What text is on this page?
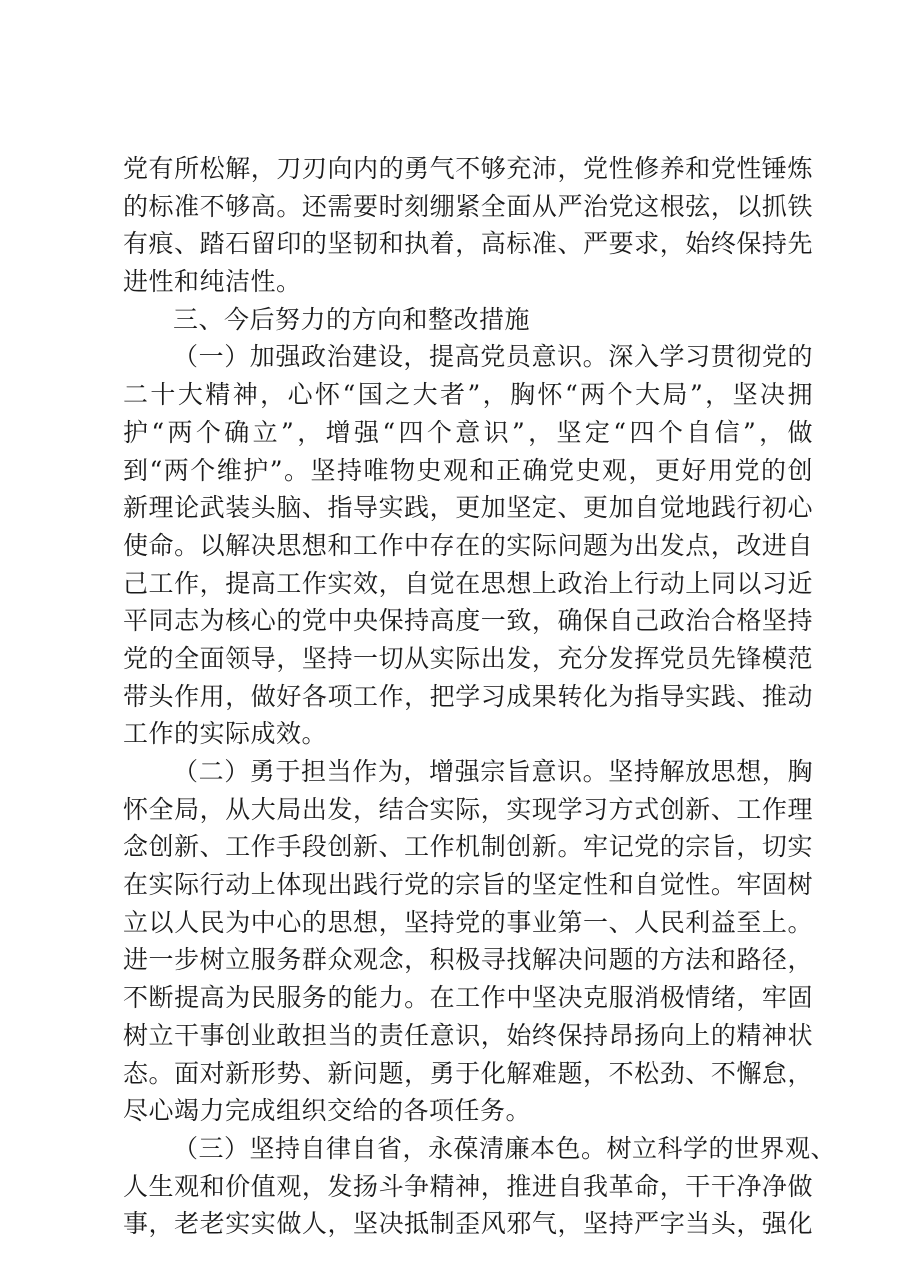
党有所松解，刀刃向内的勇气不够充沛，党性修养和党性锤炼
的标准不够高。还需要时刻绷紧全面从严治党这根弦，以抓铁
有痕、踏石留印的坚韧和执着，高标准、严要求，始终保持先
进性和纯洁性。
三、今后努力的方向和整改措施
（一）加强政治建设，提高党员意识。深入学习贯彻党的
二十大精神，心怀“国之大者”，胸怀“两个大局”，坚决拥
护“两个确立”，增强“四个意识”，坚定“四个自信”，做
到“两个维护”。坚持唯物史观和正确党史观，更好用党的创
新理论武装头脑、指导实践，更加坚定、更加自觉地践行初心
使命。以解决思想和工作中存在的实际问题为出发点，改进自
己工作，提高工作实效，自觉在思想上政治上行动上同以习近
平同志为核心的党中央保持高度一致，确保自己政治合格坚持
党的全面领导，坚持一切从实际出发，充分发挥党员先锋模范
带头作用，做好各项工作，把学习成果转化为指导实践、推动
工作的实际成效。
（二）勇于担当作为，增强宗旨意识。坚持解放思想，胸
怀全局，从大局出发，结合实际，实现学习方式创新、工作理
念创新、工作手段创新、工作机制创新。牢记党的宗旨，切实
在实际行动上体现出践行党的宗旨的坚定性和自觉性。牢固树
立以人民为中心的思想，坚持党的事业第一、人民利益至上。
进一步树立服务群众观念，积极寻找解决问题的方法和路径，
不断提高为民服务的能力。在工作中坚决克服消极情绪，牢固
树立干事创业敢担当的责任意识，始终保持昂扬向上的精神状
态。面对新形势、新问题，勇于化解难题，不松劲、不懈怠，
尽心竭力完成组织交给的各项任务。
（三）坚持自律自省，永葆清廉本色。树立科学的世界观、
人生观和价值观，发扬斗争精神，推进自我革命，干干净净做
事，老老实实做人，坚决抵制歪风邪气，坚持严字当头，强化
